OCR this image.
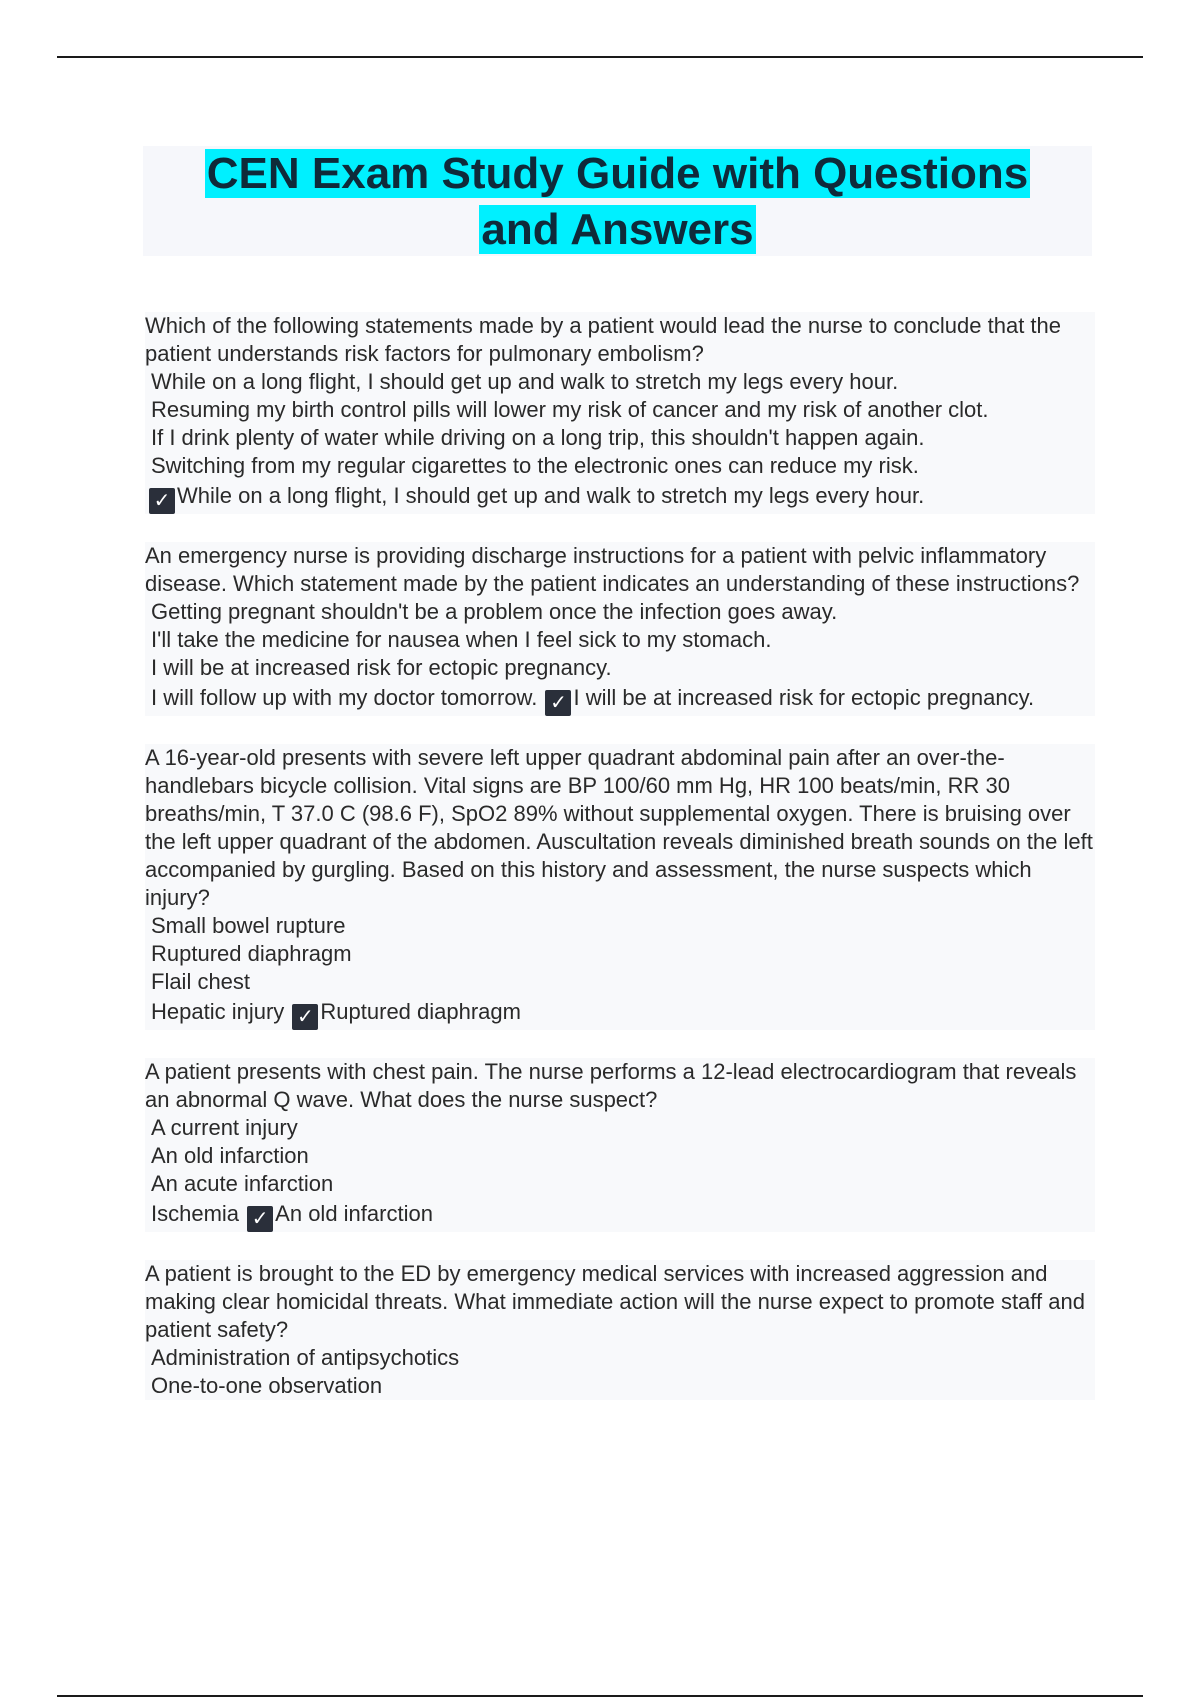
CEN Exam Study Guide with Questions
and Answers
Which of the following statements made by a patient would lead the nurse to conclude that the patient understands risk factors for pulmonary embolism?
While on a long flight, I should get up and walk to stretch my legs every hour.
Resuming my birth control pills will lower my risk of cancer and my risk of another clot.
If I drink plenty of water while driving on a long trip, this shouldn't happen again.
Switching from my regular cigarettes to the electronic ones can reduce my risk.
✓ While on a long flight, I should get up and walk to stretch my legs every hour.
An emergency nurse is providing discharge instructions for a patient with pelvic inflammatory disease. Which statement made by the patient indicates an understanding of these instructions?
Getting pregnant shouldn't be a problem once the infection goes away.
I'll take the medicine for nausea when I feel sick to my stomach.
I will be at increased risk for ectopic pregnancy.
I will follow up with my doctor tomorrow. ✓ I will be at increased risk for ectopic pregnancy.
A 16-year-old presents with severe left upper quadrant abdominal pain after an over-the-handlebars bicycle collision. Vital signs are BP 100/60 mm Hg, HR 100 beats/min, RR 30 breaths/min, T 37.0 C (98.6 F), SpO2 89% without supplemental oxygen. There is bruising over the left upper quadrant of the abdomen. Auscultation reveals diminished breath sounds on the left accompanied by gurgling. Based on this history and assessment, the nurse suspects which injury?
Small bowel rupture
Ruptured diaphragm
Flail chest
Hepatic injury ✓ Ruptured diaphragm
A patient presents with chest pain. The nurse performs a 12-lead electrocardiogram that reveals an abnormal Q wave. What does the nurse suspect?
A current injury
An old infarction
An acute infarction
Ischemia ✓ An old infarction
A patient is brought to the ED by emergency medical services with increased aggression and making clear homicidal threats. What immediate action will the nurse expect to promote staff and patient safety?
Administration of antipsychotics
One-to-one observation
